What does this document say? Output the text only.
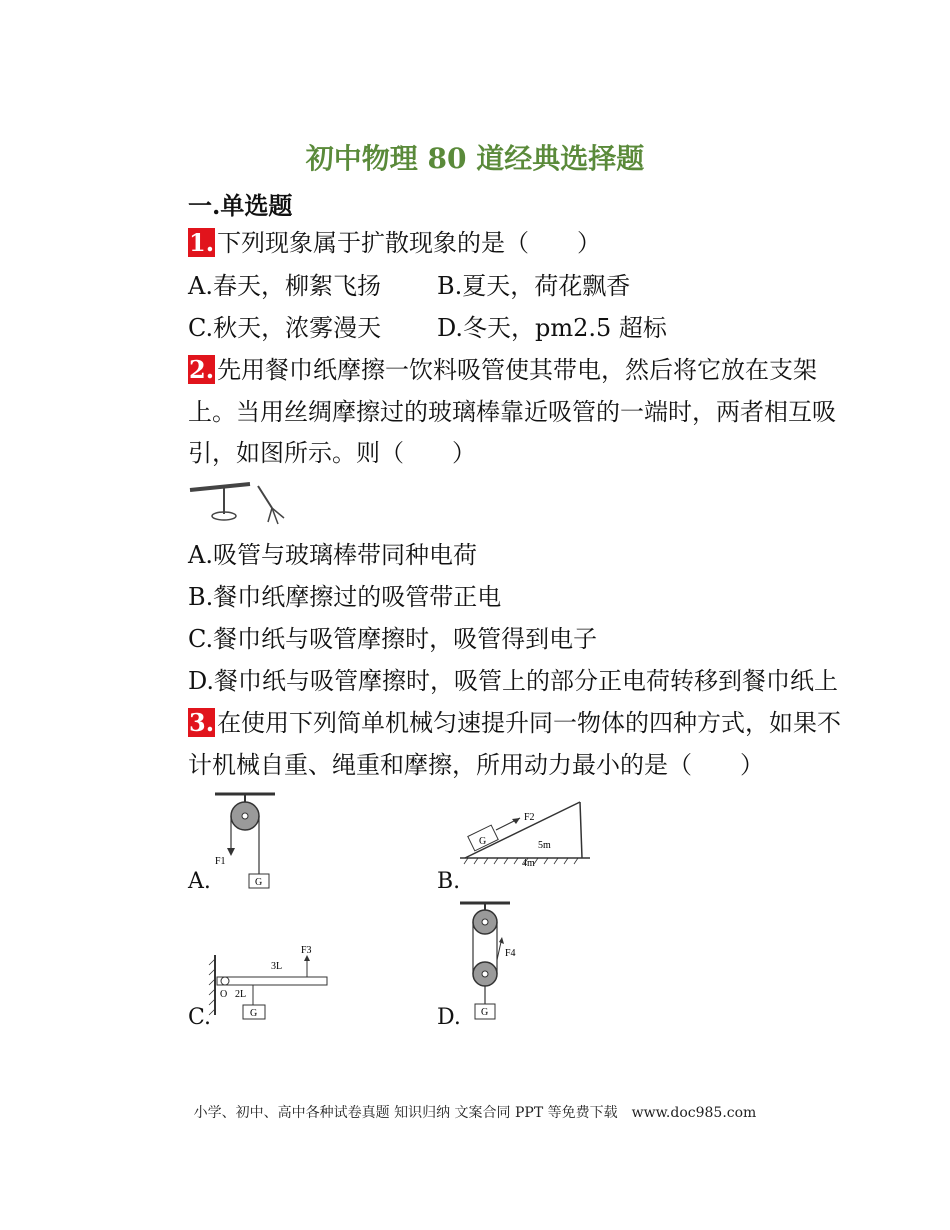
初中物理 80 道经典选择题
一.单选题
1. 下列现象属于扩散现象的是（　　）
A.春天，柳絮飞扬 B.夏天，荷花飘香
C.秋天，浓雾漫天 D.冬天，pm2.5 超标
2. 先用餐巾纸摩擦一饮料吸管使其带电，然后将它放在支架
上。当用丝绸摩擦过的玻璃棒靠近吸管的一端时，两者相互吸
引，如图所示。则（　　）
A.吸管与玻璃棒带同种电荷
B.餐巾纸摩擦过的吸管带正电
C.餐巾纸与吸管摩擦时，吸管得到电子
D.餐巾纸与吸管摩擦时，吸管上的部分正电荷转移到餐巾纸上
3. 在使用下列简单机械匀速提升同一物体的四种方式，如果不
计机械自重、绳重和摩擦，所用动力最小的是（　　）
G
F1
A.
G
F2
5m
4m
B.
G
F3
3L
2L
O
C.	G
F4
D.
小学、初中、高中各种试卷真题 知识归纳 文案合同 PPT 等免费下载　www.doc985.com
